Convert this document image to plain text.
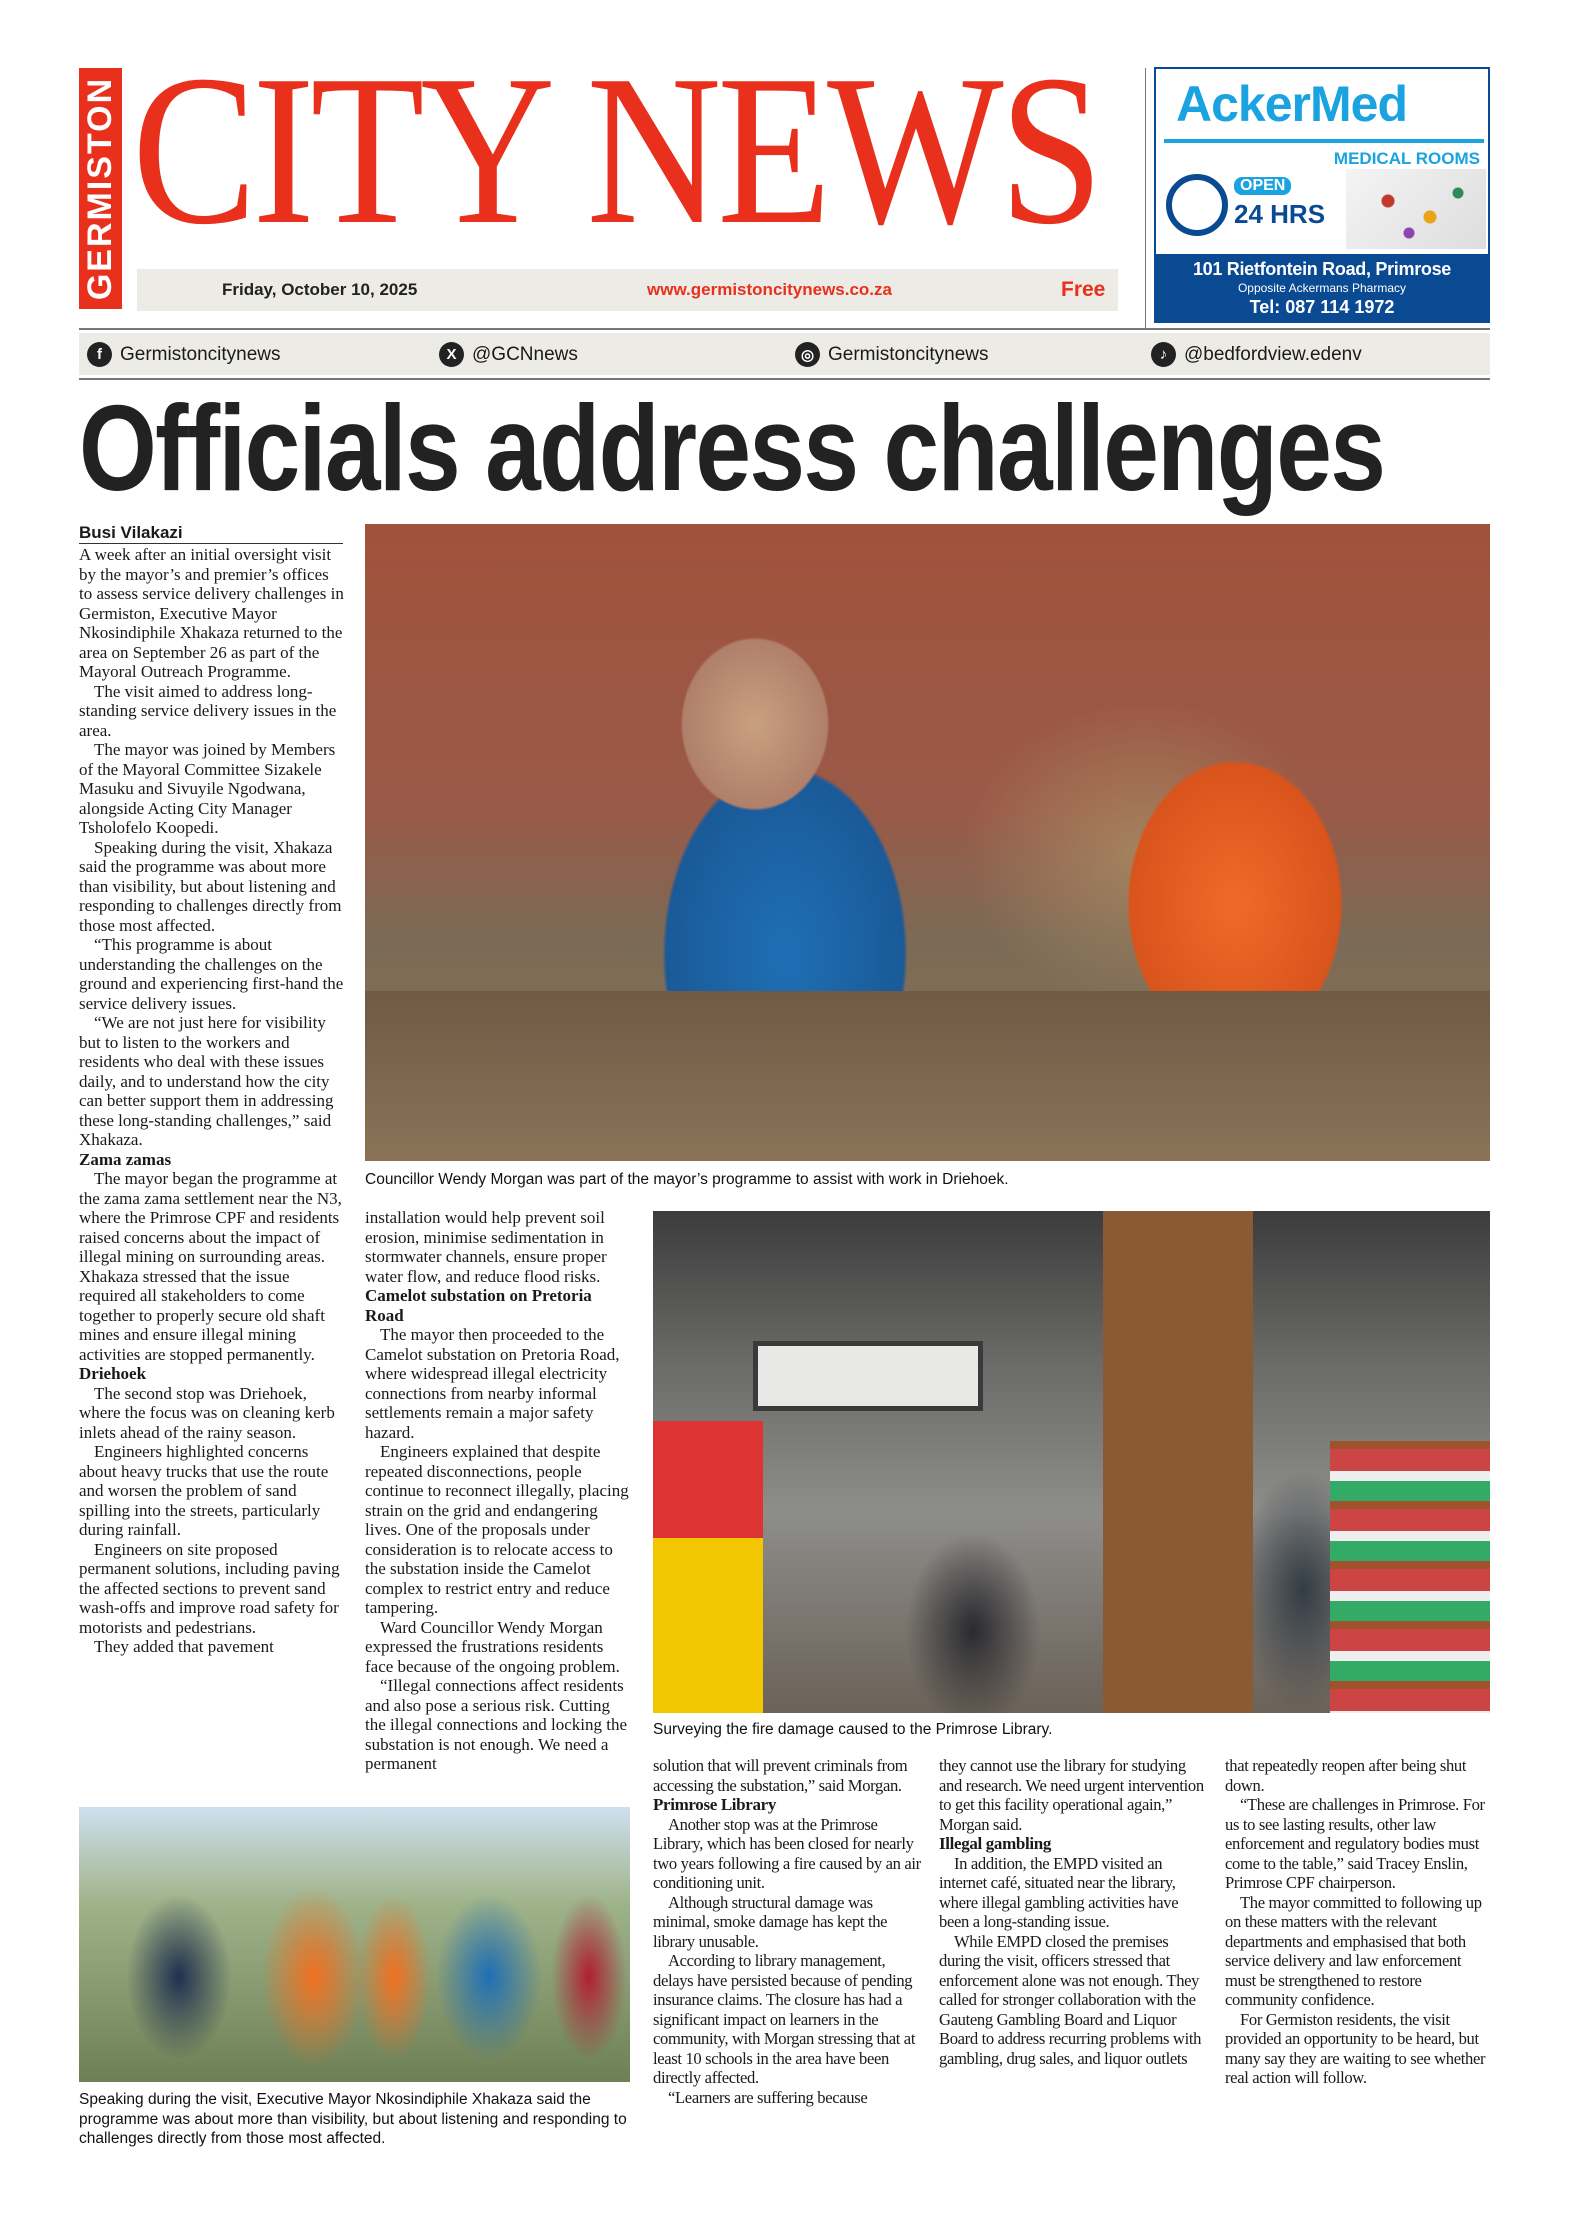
GERMISTON CITY NEWS
Friday, October 10, 2025	www.germistoncitynews.co.za	Free
AckerMed
MEDICAL ROOMS
OPEN
24 HRS
101 Rietfontein Road, Primrose
Opposite Ackermans Pharmacy
Tel: 087 114 1972
f Germistoncitynews	X @GCNnews	◎ Germistoncitynews	♪ @bedfordview.edenv
Officials address challenges
Busi Vilakazi

A week after an initial oversight visit by the mayor’s and premier’s offices to assess service delivery challenges in Germiston, Executive Mayor Nkosindiphile Xhakaza returned to the area on September 26 as part of the Mayoral Outreach Programme.

The visit aimed to address long-standing service delivery issues in the area.

The mayor was joined by Members of the Mayoral Committee Sizakele Masuku and Sivuyile Ngodwana, alongside Acting City Manager Tsholofelo Koopedi.

Speaking during the visit, Xhakaza said the programme was about more than visibility, but about listening and responding to challenges directly from those most affected.

“This programme is about understanding the challenges on the ground and experiencing first-hand the service delivery issues.

“We are not just here for visibility but to listen to the workers and residents who deal with these issues daily, and to understand how the city can better support them in addressing these long-standing challenges,” said Xhakaza.

Zama zamas

The mayor began the programme at the zama zama settlement near the N3, where the Primrose CPF and residents raised concerns about the impact of illegal mining on surrounding areas. Xhakaza stressed that the issue required all stakeholders to come together to properly secure old shaft mines and ensure illegal mining activities are stopped permanently.

Driehoek

The second stop was Driehoek, where the focus was on cleaning kerb inlets ahead of the rainy season.

Engineers highlighted concerns about heavy trucks that use the route and worsen the problem of sand spilling into the streets, particularly during rainfall.

Engineers on site proposed permanent solutions, including paving the affected sections to prevent sand wash-offs and improve road safety for motorists and pedestrians.

They added that pavement

Councillor Wendy Morgan was part of the mayor’s programme to assist with work in Driehoek.

installation would help prevent soil erosion, minimise sedimentation in stormwater channels, ensure proper water flow, and reduce flood risks.

Camelot substation on Pretoria Road

The mayor then proceeded to the Camelot substation on Pretoria Road, where widespread illegal electricity connections from nearby informal settlements remain a major safety hazard.

Engineers explained that despite repeated disconnections, people continue to reconnect illegally, placing strain on the grid and endangering lives. One of the proposals under consideration is to relocate access to the substation inside the Camelot complex to restrict entry and reduce tampering.

Ward Councillor Wendy Morgan expressed the frustrations residents face because of the ongoing problem.

“Illegal connections affect residents and also pose a serious risk. Cutting the illegal connections and locking the substation is not enough. We need a permanent

Surveying the fire damage caused to the Primrose Library.
Speaking during the visit, Executive Mayor Nkosindiphile Xhakaza said the programme was about more than visibility, but about listening and responding to challenges directly from those most affected.

solution that will prevent criminals from accessing the substation,” said Morgan.

Primrose Library

Another stop was at the Primrose Library, which has been closed for nearly two years following a fire caused by an air conditioning unit.

Although structural damage was minimal, smoke damage has kept the library unusable.

According to library management, delays have persisted because of pending insurance claims. The closure has had a significant impact on learners in the community, with Morgan stressing that at least 10 schools in the area have been directly affected.

“Learners are suffering because

they cannot use the library for studying and research. We need urgent intervention to get this facility operational again,” Morgan said.

Illegal gambling

In addition, the EMPD visited an internet café, situated near the library, where illegal gambling activities have been a long-standing issue.

While EMPD closed the premises during the visit, officers stressed that enforcement alone was not enough. They called for stronger collaboration with the Gauteng Gambling Board and Liquor Board to address recurring problems with gambling, drug sales, and liquor outlets

that repeatedly reopen after being shut down.

“These are challenges in Primrose. For us to see lasting results, other law enforcement and regulatory bodies must come to the table,” said Tracey Enslin, Primrose CPF chairperson.

The mayor committed to following up on these matters with the relevant departments and emphasised that both service delivery and law enforcement must be strengthened to restore community confidence.

For Germiston residents, the visit provided an opportunity to be heard, but many say they are waiting to see whether real action will follow.
